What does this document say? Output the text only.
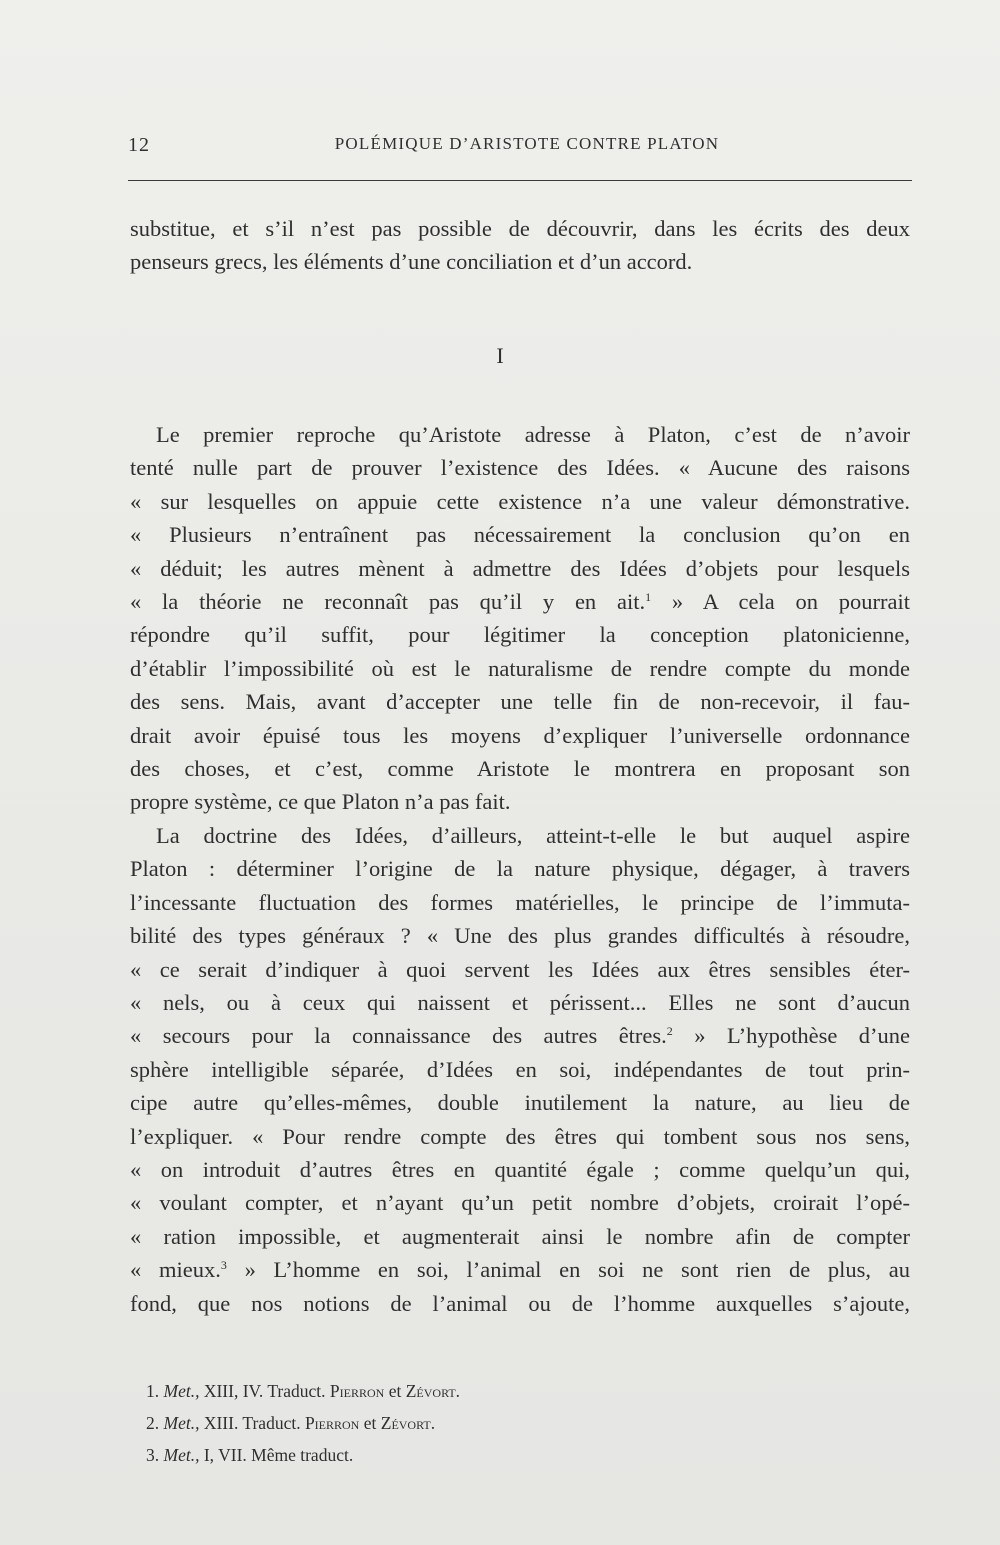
12	POLÉMIQUE D’ARISTOTE CONTRE PLATON
substitue, et s’il n’est pas possible de découvrir, dans les écrits des deux
penseurs grecs, les éléments d’une conciliation et d’un accord.
I
Le premier reproche qu’Aristote adresse à Platon, c’est de n’avoir
tenté nulle part de prouver l’existence des Idées. « Aucune des raisons
« sur lesquelles on appuie cette existence n’a une valeur démonstrative.
« Plusieurs n’entraînent pas nécessairement la conclusion qu’on en
« déduit; les autres mènent à admettre des Idées d’objets pour lesquels
« la théorie ne reconnaît pas qu’il y en ait.$^1$ » A cela on pourrait
répondre qu’il suffit, pour légitimer la conception platonicienne,
d’établir l’impossibilité où est le naturalisme de rendre compte du monde
des sens. Mais, avant d’accepter une telle fin de non-recevoir, il fau-
drait avoir épuisé tous les moyens d’expliquer l’universelle ordonnance
des choses, et c’est, comme Aristote le montrera en proposant son
propre système, ce que Platon n’a pas fait.
La doctrine des Idées, d’ailleurs, atteint-t-elle le but auquel aspire
Platon : déterminer l’origine de la nature physique, dégager, à travers
l’incessante fluctuation des formes matérielles, le principe de l’immuta-
bilité des types généraux ? « Une des plus grandes difficultés à résoudre,
« ce serait d’indiquer à quoi servent les Idées aux êtres sensibles éter-
« nels, ou à ceux qui naissent et périssent... Elles ne sont d’aucun
« secours pour la connaissance des autres êtres.$^2$ » L’hypothèse d’une
sphère intelligible séparée, d’Idées en soi, indépendantes de tout prin-
cipe autre qu’elles-mêmes, double inutilement la nature, au lieu de
l’expliquer. « Pour rendre compte des êtres qui tombent sous nos sens,
« on introduit d’autres êtres en quantité égale ; comme quelqu’un qui,
« voulant compter, et n’ayant qu’un petit nombre d’objets, croirait l’opé-
« ration impossible, et augmenterait ainsi le nombre afin de compter
« mieux.$^3$ » L’homme en soi, l’animal en soi ne sont rien de plus, au
fond, que nos notions de l’animal ou de l’homme auxquelles s’ajoute,
1. Met., XIII, IV. Traduct. Pierron et Zévort.
2. Met., XIII. Traduct. Pierron et Zévort.
3. Met., I, VII. Même traduct.
